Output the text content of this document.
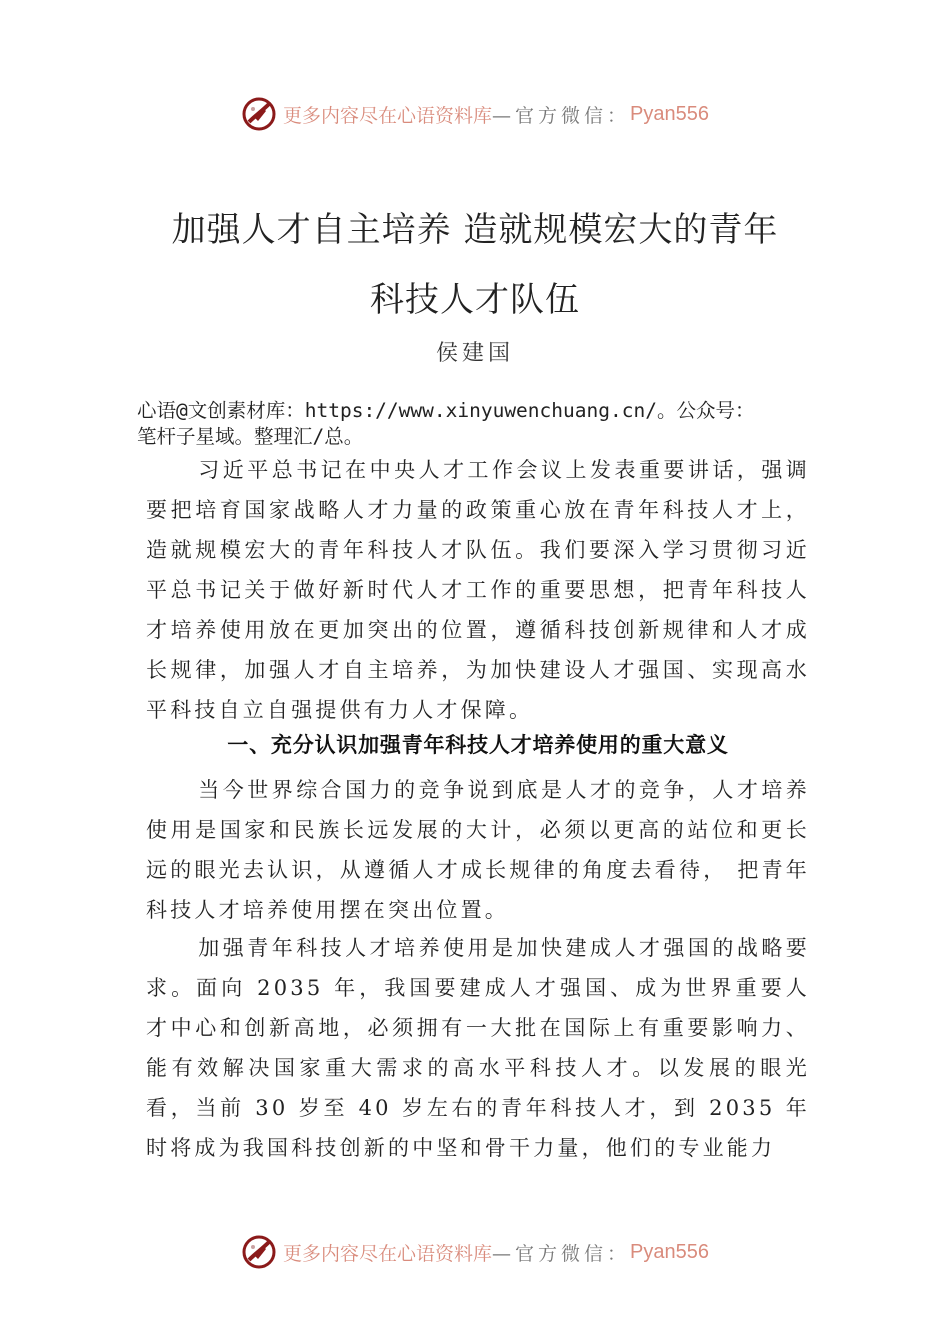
更多内容尽在心语资料库 —官方微信： Pyan556
加强人才自主培养 造就规模宏大的青年
科技人才队伍
侯建国
心语@文创素材库：https://www.xinyuwenchuang.cn/。公众号：
笔杆子星域。整理汇/总。

习近平总书记在中央人才工作会议上发表重要讲话，强调要把培育国家战略人才力量的政策重心放在青年科技人才上，造就规模宏大的青年科技人才队伍。我们要深入学习贯彻习近平总书记关于做好新时代人才工作的重要思想，把青年科技人才培养使用放在更加突出的位置，遵循科技创新规律和人才成长规律，加强人才自主培养，为加快建设人才强国、实现高水平科技自立自强提供有力人才保障。

一、充分认识加强青年科技人才培养使用的重大意义

当今世界综合国力的竞争说到底是人才的竞争，人才培养使用是国家和民族长远发展的大计，必须以更高的站位和更长远的眼光去认识，从遵循人才成长规律的角度去看待， 把青年科技人才培养使用摆在突出位置。

加强青年科技人才培养使用是加快建成人才强国的战略要求。面向 2035 年，我国要建成人才强国、成为世界重要人才中心和创新高地，必须拥有一大批在国际上有重要影响力、能有效解决国家重大需求的高水平科技人才。以发展的眼光看，当前 30 岁至 40 岁左右的青年科技人才，到 2035 年时将成为我国科技创新的中坚和骨干力量，他们的专业能力

更多内容尽在心语资料库 —官方微信： Pyan556
